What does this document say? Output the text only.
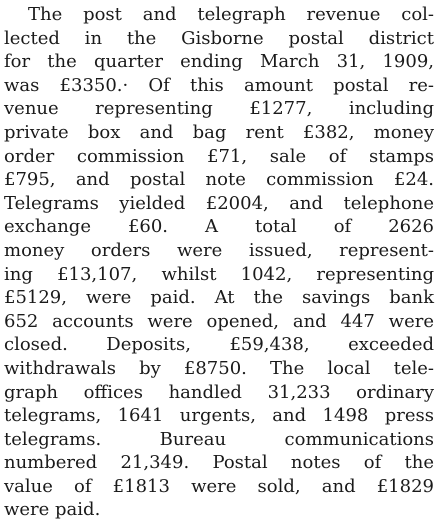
The post and telegraph revenue col-
lected in the Gisborne postal district
for the quarter ending March 31, 1909,
was £3350.· Of this amount postal re-
venue representing £1277, including
private box and bag rent £382, money
order commission £71, sale of stamps
£795, and postal note commission £24.
Telegrams yielded £2004, and telephone
exchange £60. A total of 2626
money orders were issued, represent-
ing £13,107, whilst 1042, representing
£5129, were paid. At the savings bank
652 accounts were opened, and 447 were
closed. Deposits, £59,438, exceeded
withdrawals by £8750. The local tele-
graph offices handled 31,233 ordinary
telegrams, 1641 urgents, and 1498 press
telegrams. Bureau communications
numbered 21,349. Postal notes of the
value of £1813 were sold, and £1829
were paid.
